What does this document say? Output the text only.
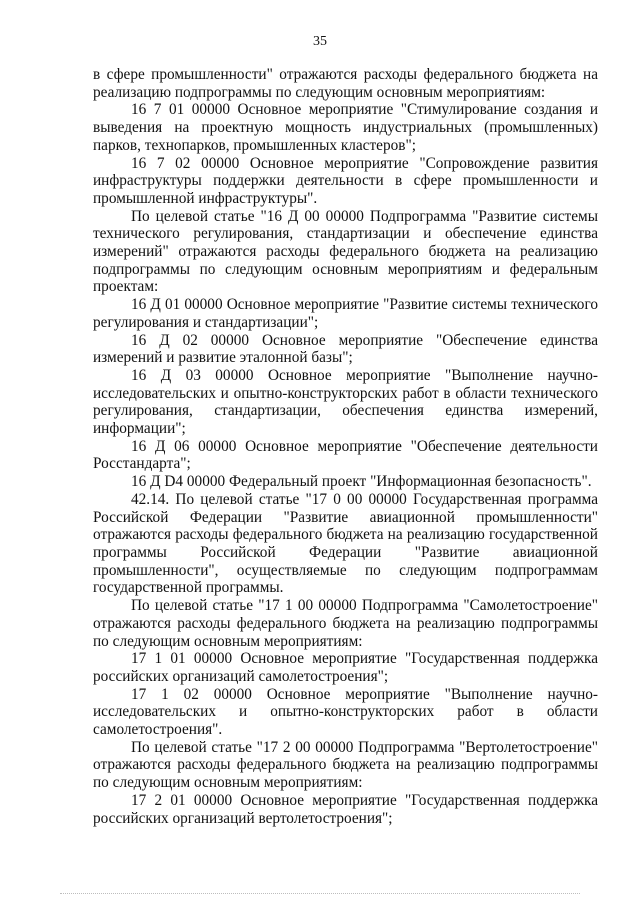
35

в сфере промышленности" отражаются расходы федерального бюджета на реализацию подпрограммы по следующим основным мероприятиям:

16 7 01 00000 Основное мероприятие "Стимулирование создания и выведения на проектную мощность индустриальных (промышленных) парков, технопарков, промышленных кластеров";

16 7 02 00000 Основное мероприятие "Сопровождение развития инфраструктуры поддержки деятельности в сфере промышленности и промышленной инфраструктуры".

По целевой статье "16 Д 00 00000 Подпрограмма "Развитие системы технического регулирования, стандартизации и обеспечение единства измерений" отражаются расходы федерального бюджета на реализацию подпрограммы по следующим основным мероприятиям и федеральным проектам:

16 Д 01 00000 Основное мероприятие "Развитие системы технического регулирования и стандартизации";

16 Д 02 00000 Основное мероприятие "Обеспечение единства измерений и развитие эталонной базы";

16 Д 03 00000 Основное мероприятие "Выполнение научно-исследовательских и опытно-конструкторских работ в области технического регулирования, стандартизации, обеспечения единства измерений, информации";

16 Д 06 00000 Основное мероприятие "Обеспечение деятельности Росстандарта";

16 Д D4 00000 Федеральный проект "Информационная безопасность".

42.14. По целевой статье "17 0 00 00000 Государственная программа Российской Федерации "Развитие авиационной промышленности" отражаются расходы федерального бюджета на реализацию государственной программы Российской Федерации "Развитие авиационной промышленности", осуществляемые по следующим подпрограммам государственной программы.

По целевой статье "17 1 00 00000 Подпрограмма "Самолетостроение" отражаются расходы федерального бюджета на реализацию подпрограммы по следующим основным мероприятиям:

17 1 01 00000 Основное мероприятие "Государственная поддержка российских организаций самолетостроения";

17 1 02 00000 Основное мероприятие "Выполнение научно-исследовательских и опытно-конструкторских работ в области самолетостроения".

По целевой статье "17 2 00 00000 Подпрограмма "Вертолетостроение" отражаются расходы федерального бюджета на реализацию подпрограммы по следующим основным мероприятиям:

17 2 01 00000 Основное мероприятие "Государственная поддержка российских организаций вертолетостроения";
